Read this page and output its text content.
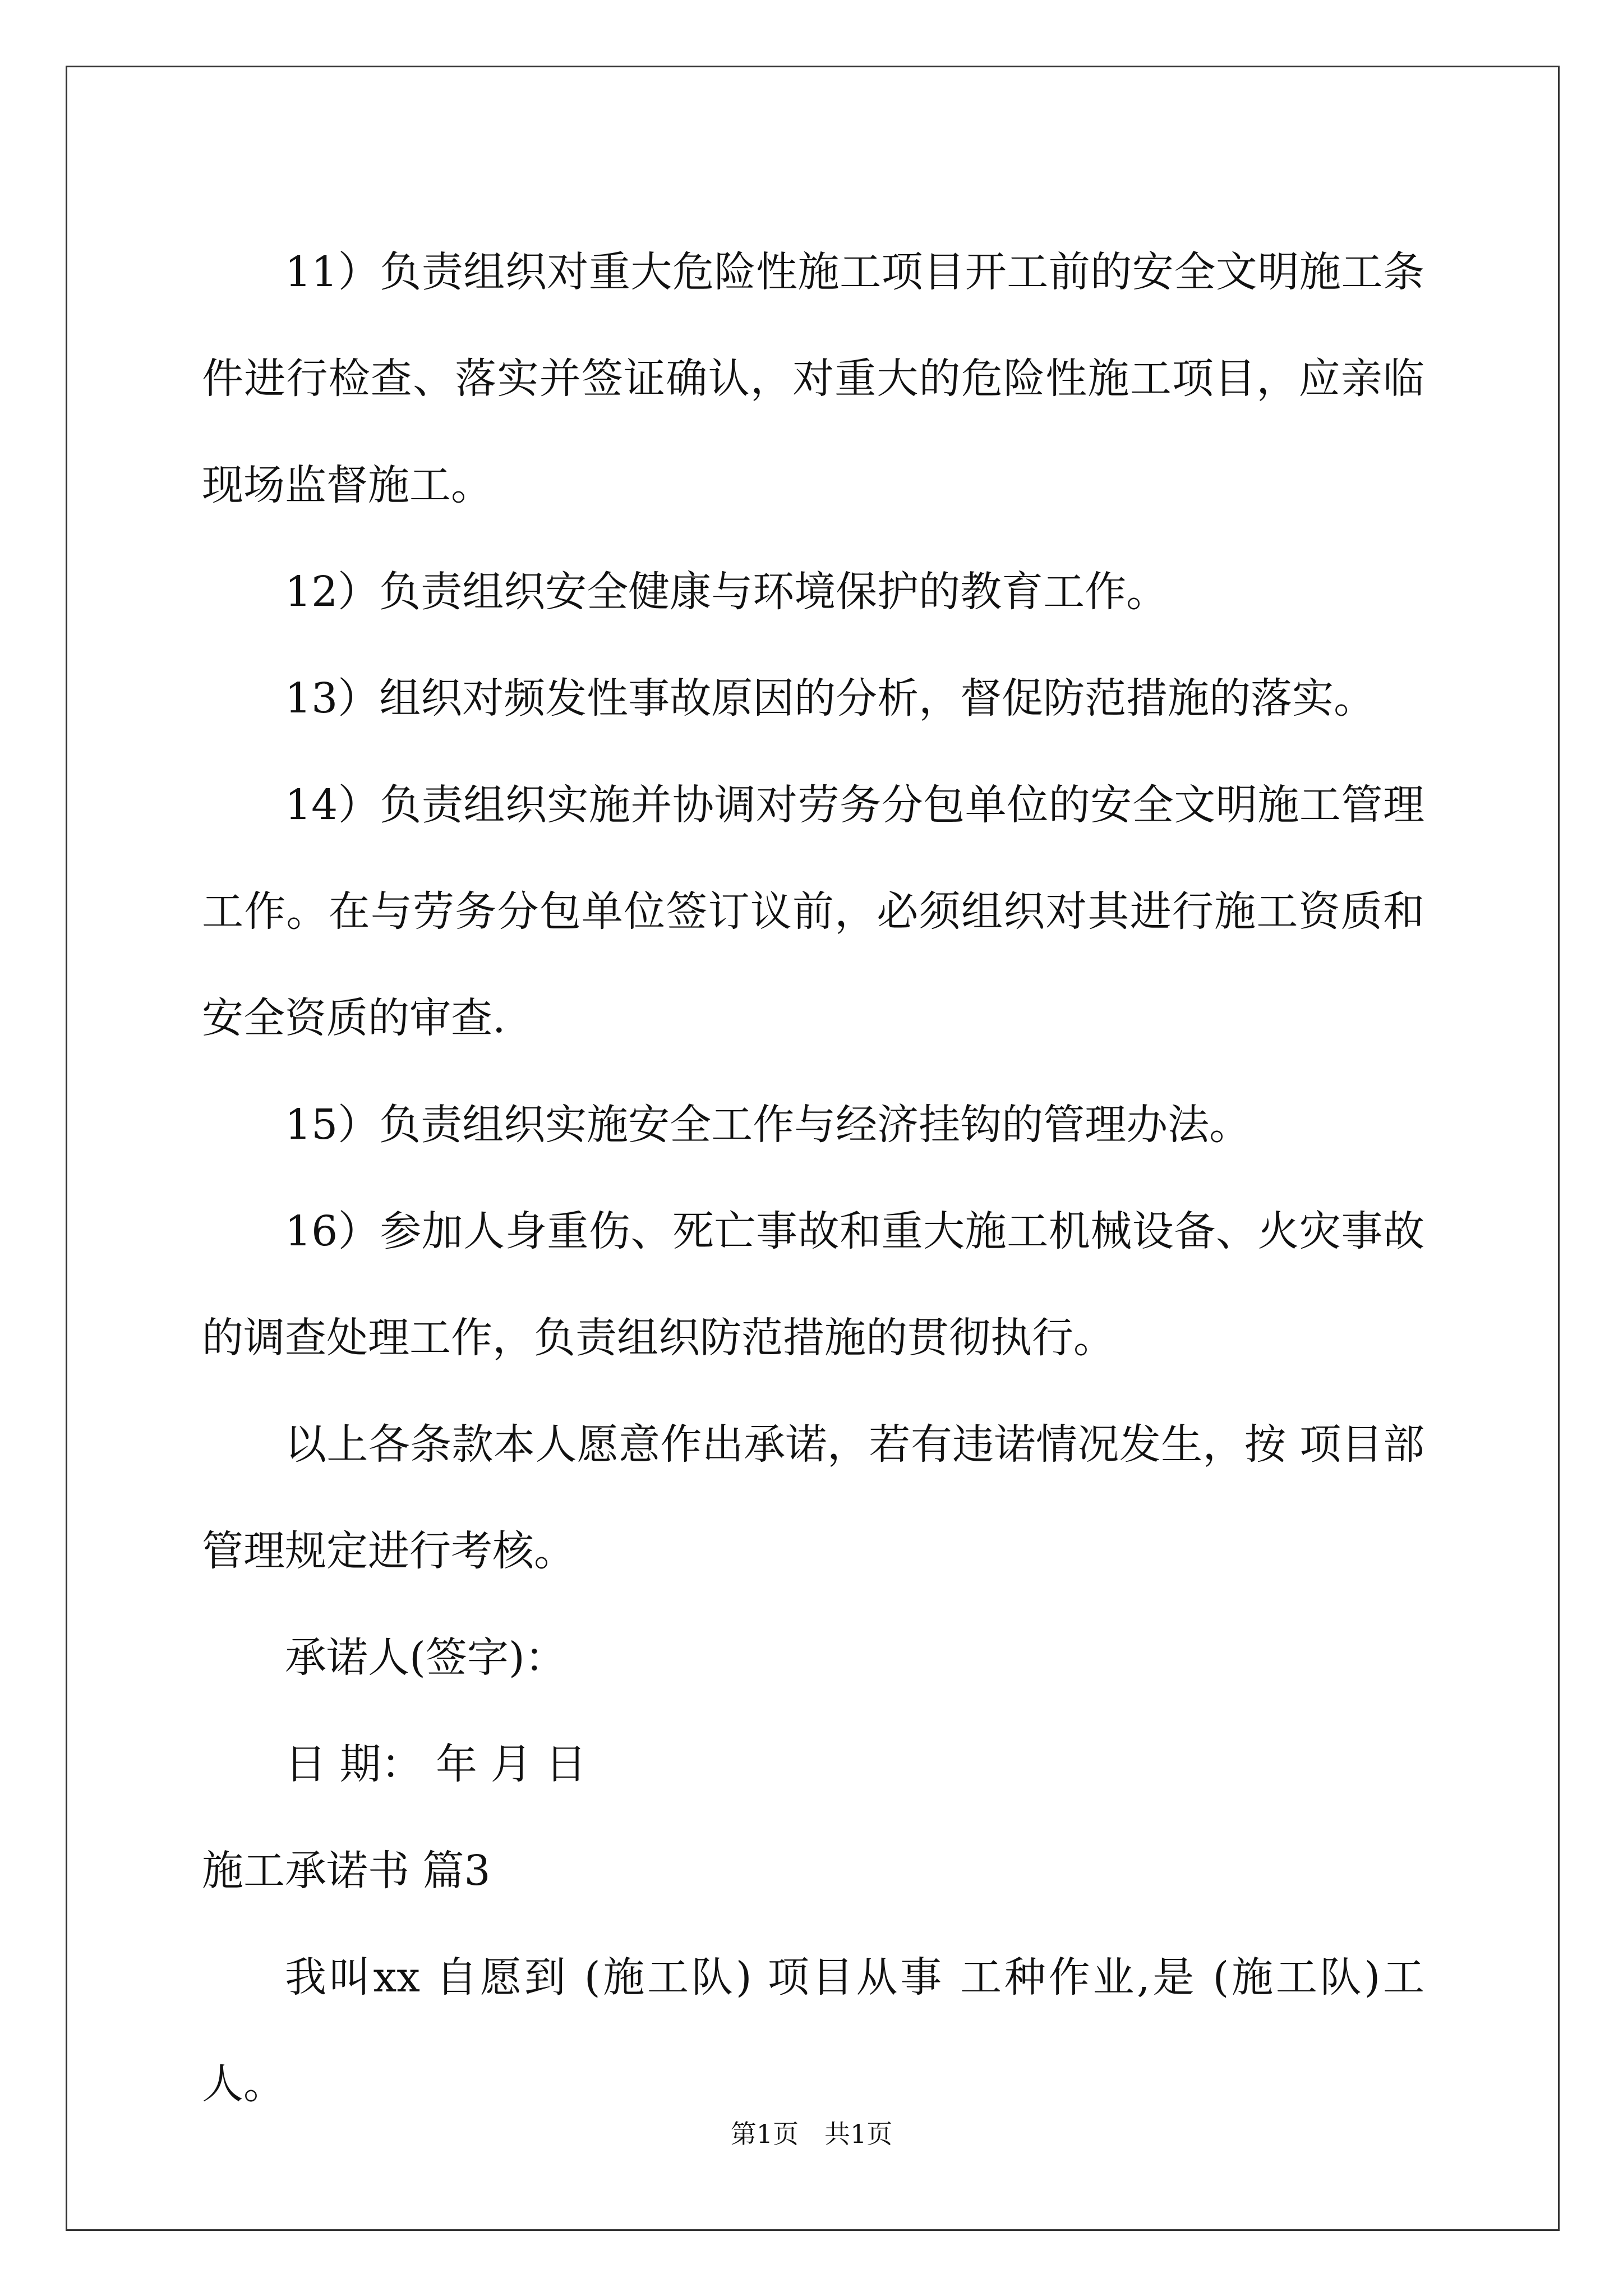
11）负责组织对重大危险性施工项目开工前的安全文明施工条件进行检查、落实并签证确认，对重大的危险性施工项目，应亲临现场监督施工。

12）负责组织安全健康与环境保护的教育工作。

13）组织对频发性事故原因的分析，督促防范措施的落实。

14）负责组织实施并协调对劳务分包单位的安全文明施工管理工作。在与劳务分包单位签订议前，必须组织对其进行施工资质和安全资质的审查.

15）负责组织实施安全工作与经济挂钩的管理办法。

16）参加人身重伤、死亡事故和重大施工机械设备、火灾事故的调查处理工作，负责组织防范措施的贯彻执行。

以上各条款本人愿意作出承诺，若有违诺情况发生，按 项目部管理规定进行考核。

承诺人(签字)：

日 期： 年 月 日

施工承诺书 篇3

我叫xx 自愿到 (施工队) 项目从事 工种作业,是 (施工队)工人。

第1页　共1页
